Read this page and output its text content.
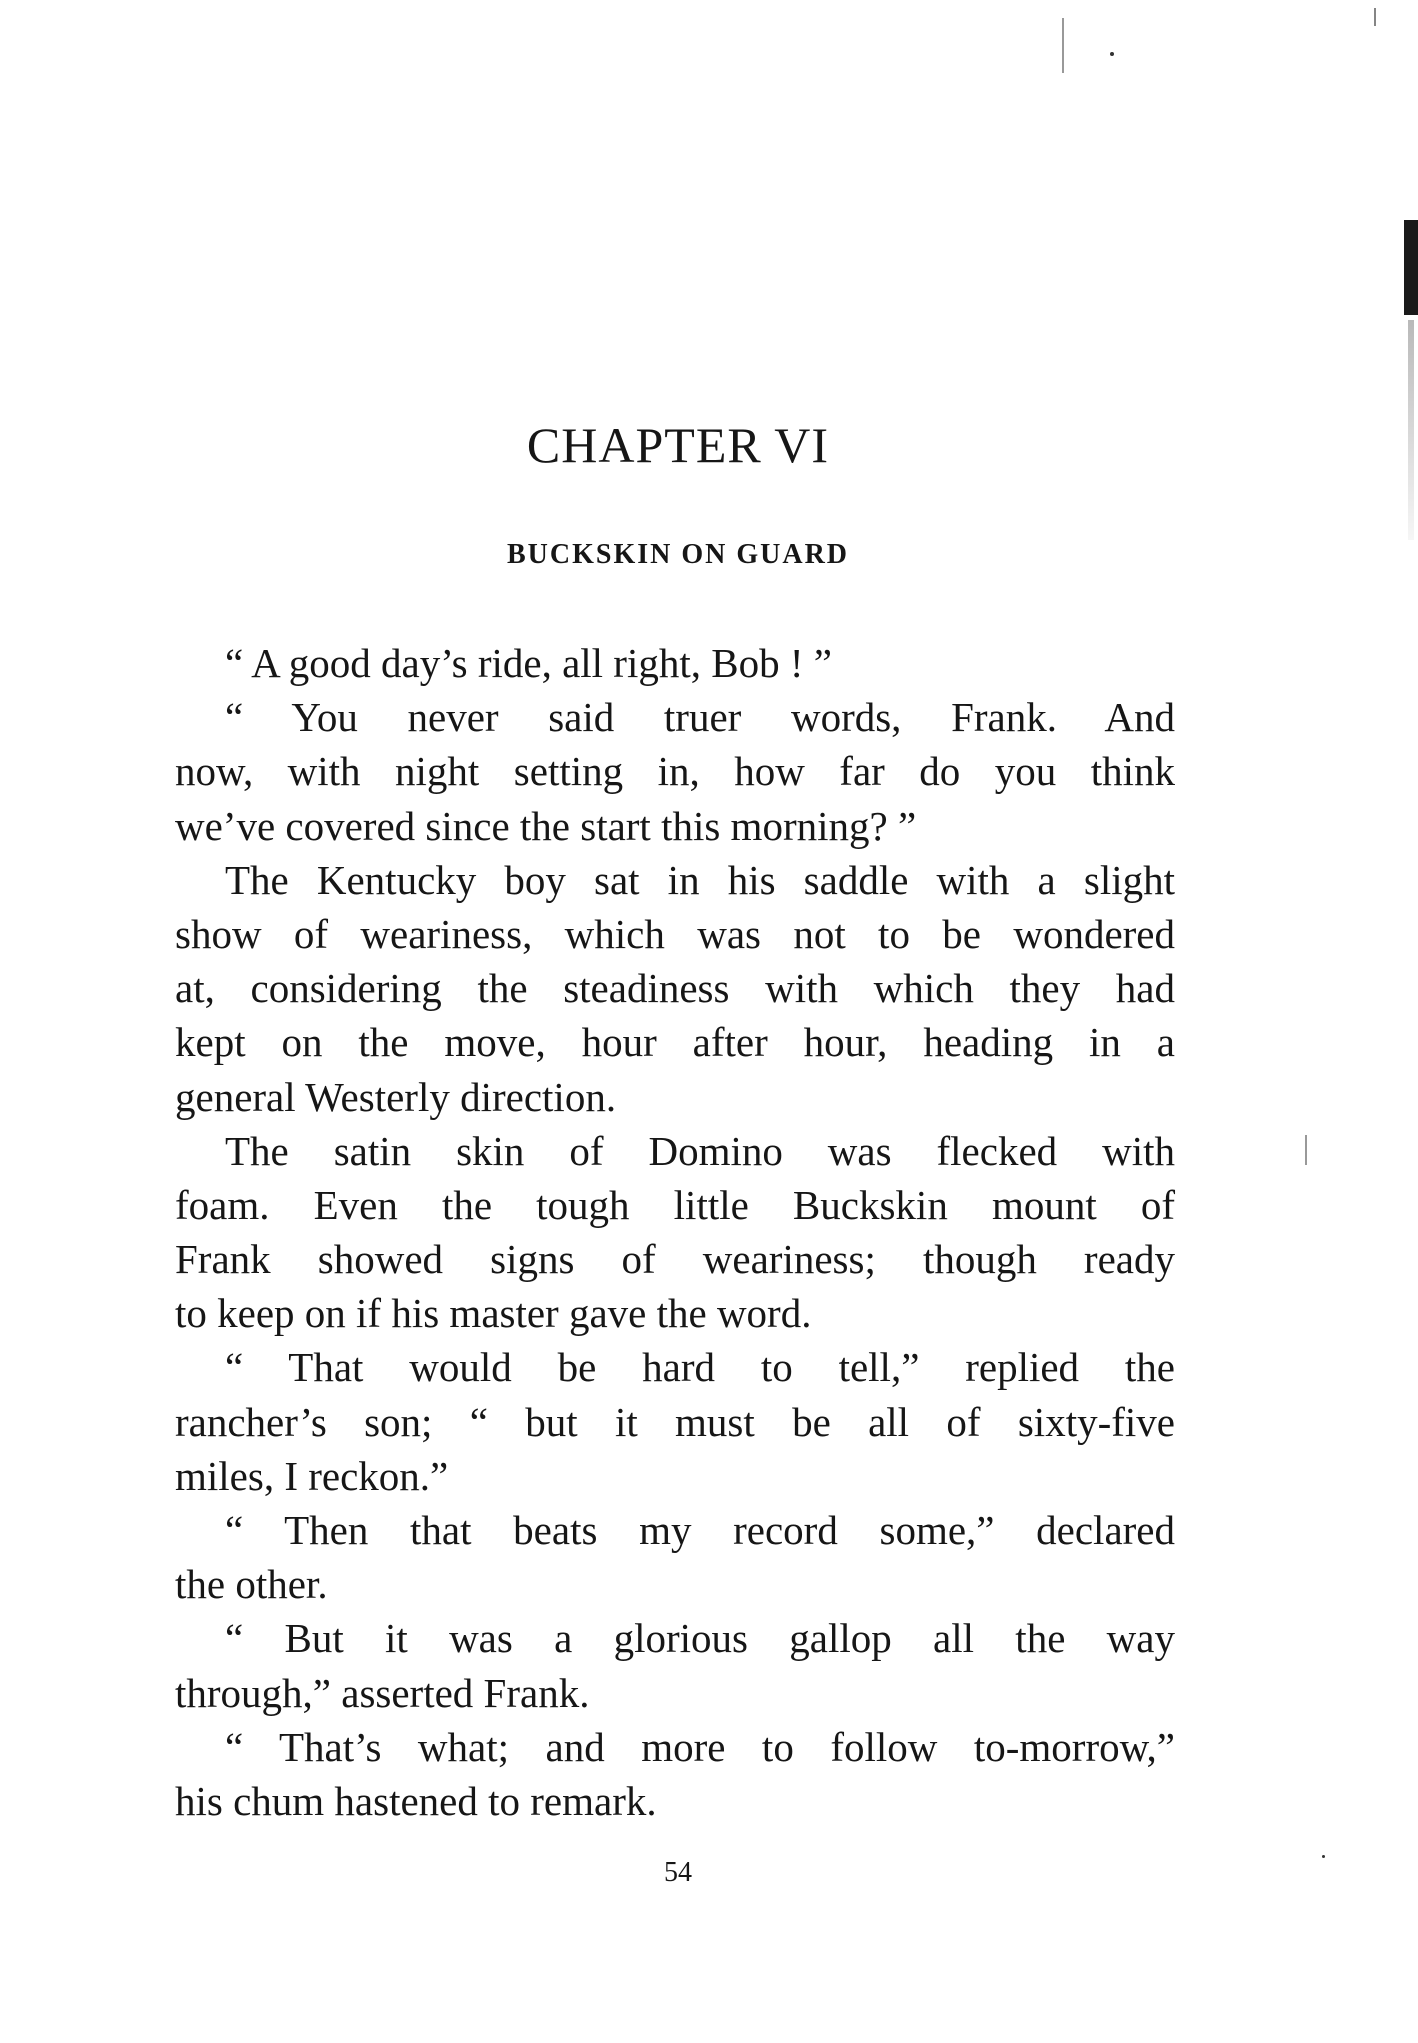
CHAPTER VI
BUCKSKIN ON GUARD
“ A good day’s ride, all right, Bob ! ”
“ You never said truer words, Frank. And
now, with night setting in, how far do you think
we’ve covered since the start this morning? ”
The Kentucky boy sat in his saddle with a slight
show of weariness, which was not to be wondered
at, considering the steadiness with which they had
kept on the move, hour after hour, heading in a
general Westerly direction.
The satin skin of Domino was flecked with
foam. Even the tough little Buckskin mount of
Frank showed signs of weariness; though ready
to keep on if his master gave the word.
“ That would be hard to tell,” replied the
rancher’s son; “ but it must be all of sixty-five
miles, I reckon.”
“ Then that beats my record some,” declared
the other.
“ But it was a glorious gallop all the way
through,” asserted Frank.
“ That’s what; and more to follow to-morrow,”
his chum hastened to remark.
54
